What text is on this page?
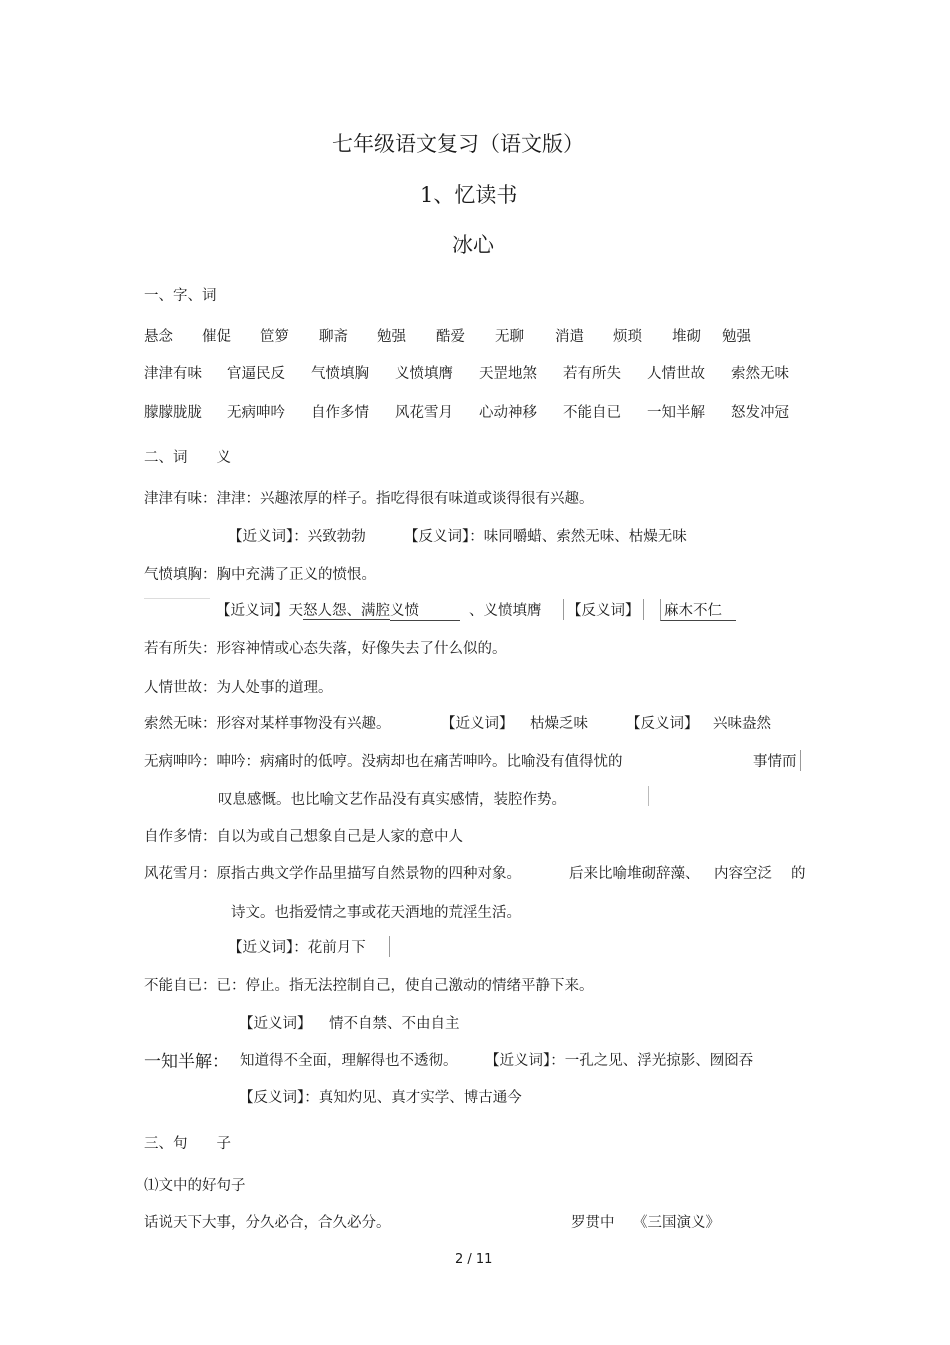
七年级语文复习（语文版）
1、忆读书
冰心
一、字、词
悬念 催促 笸箩 聊斋 勉强 酷爱 无聊 消遣 烦琐 堆砌 勉强
津津有味 官逼民反 气愤填胸 义愤填膺 天罡地煞 若有所失 人情世故 索然无味
朦朦胧胧 无病呻吟 自作多情 风花雪月 心动神移 不能自已 一知半解 怒发冲冠
二、词　　义
津津有味：津津：兴趣浓厚的样子。指吃得很有味道或谈得很有兴趣。
【近义词】：兴致勃勃	【反义词】：味同嚼蜡、索然无味、枯燥无味
气愤填胸：胸中充满了正义的愤恨。
【近义词】天怒人怨、满腔义愤	、义愤填膺 【反义词】 麻木不仁
若有所失：形容神情或心态失落，好像失去了什么似的。
人情世故：为人处事的道理。
索然无味：形容对某样事物没有兴趣。	【近义词】 枯燥乏味	【反义词】 兴味盎然
无病呻吟：呻吟：病痛时的低哼。没病却也在痛苦呻吟。比喻没有值得忧的	事情而
叹息感慨。也比喻文艺作品没有真实感情，装腔作势。
自作多情：自以为或自己想象自己是人家的意中人
风花雪月：原指古典文学作品里描写自然景物的四种对象。	后来比喻堆砌辞藻、 内容空泛 的
诗文。也指爱情之事或花天酒地的荒淫生活。
【近义词】：花前月下
不能自已：已：停止。指无法控制自己，使自己激动的情绪平静下来。
【近义词】 情不自禁、不由自主
一知半解： 知道得不全面，理解得也不透彻。 【近义词】：一孔之见、浮光掠影、囫囵吞
【反义词】：真知灼见、真才实学、博古通今
三、句　　子
⑴文中的好句子
话说天下大事，分久必合，合久必分。	罗贯中 《三国演义》
2 / 11
